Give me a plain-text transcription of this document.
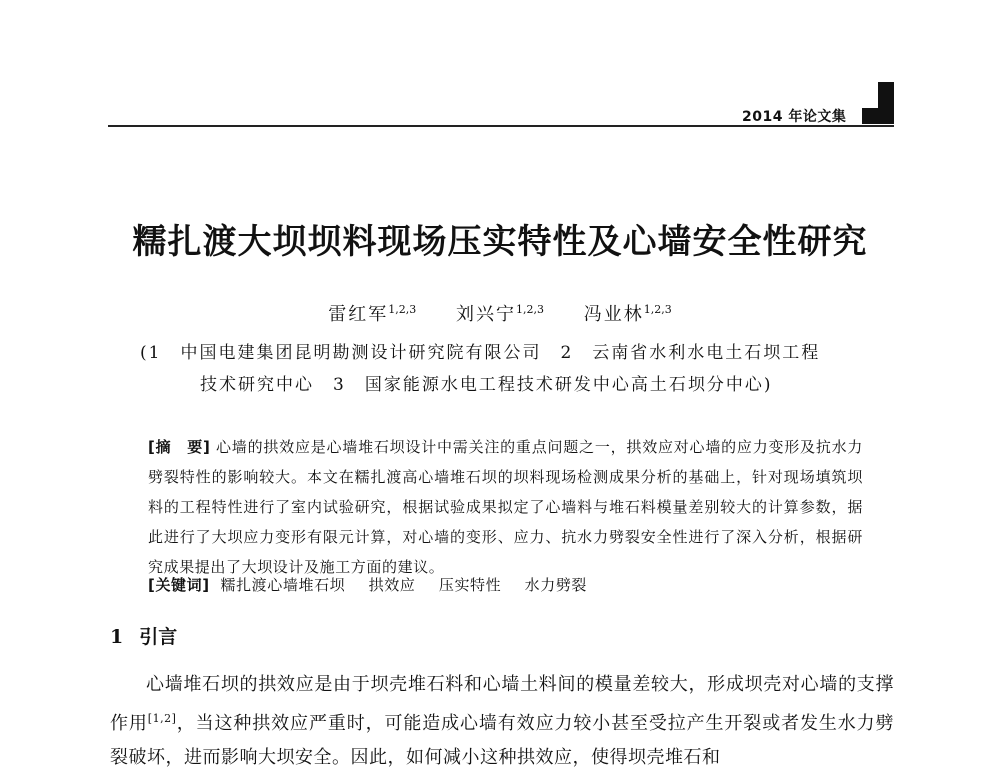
2014 年论文集
糯扎渡大坝坝料现场压实特性及心墙安全性研究
雷红军$^{1,2,3}$ 刘兴宁$^{1,2,3}$ 冯业林$^{1,2,3}$
(1　中国电建集团昆明勘测设计研究院有限公司　2　云南省水利水电土石坝工程
技术研究中心　3　国家能源水电工程技术研发中心高土石坝分中心)
[摘　要] 心墙的拱效应是心墙堆石坝设计中需关注的重点问题之一，拱效应对心墙的应力变形及抗水力劈裂特性的影响较大。本文在糯扎渡高心墙堆石坝的坝料现场检测成果分析的基础上，针对现场填筑坝料的工程特性进行了室内试验研究，根据试验成果拟定了心墙料与堆石料模量差别较大的计算参数，据此进行了大坝应力变形有限元计算，对心墙的变形、应力、抗水力劈裂安全性进行了深入分析，根据研究成果提出了大坝设计及施工方面的建议。
[关键词] 糯扎渡心墙堆石坝 拱效应 压实特性 水力劈裂
1 引言
心墙堆石坝的拱效应是由于坝壳堆石料和心墙土料间的模量差较大，形成坝壳对心墙的支撑作用[1,2]，当这种拱效应严重时，可能造成心墙有效应力较小甚至受拉产生开裂或者发生水力劈裂破坏，进而影响大坝安全。因此，如何减小这种拱效应，使得坝壳堆石和
